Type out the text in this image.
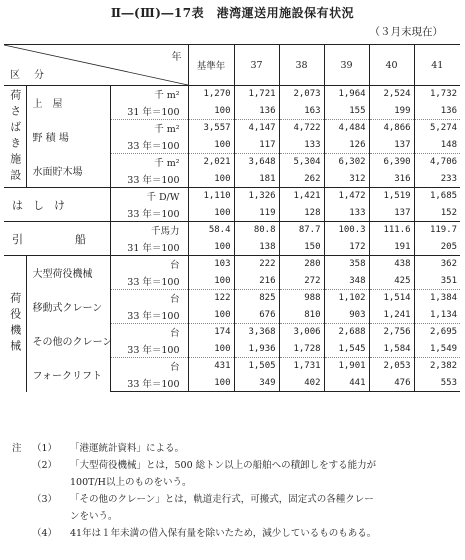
Ⅱ―(Ⅲ)―17表　港湾運送用施設保有状況
（３月末現在）
年
区分			基準年	37	38	39	40	41
荷さばき施設	上　屋	千 m²	1,270	1,721	2,073	1,964	2,524	1,732
		31 年＝100	100	136	163	155	199	136
	野 積 場	千 m²	3,557	4,147	4,722	4,484	4,866	5,274
		33 年＝100	100	117	133	126	137	148
	水面貯木場	千 m²	2,021	3,648	5,304	6,302	6,390	4,706
		33 年＝100	100	181	262	312	316	233
はしけ		千 D/W	1,110	1,326	1,421	1,472	1,519	1,685
		33 年＝100	100	119	128	133	137	152
引　　船		千馬力	58.4	80.8	87.7	100.3	111.6	119.7
		31 年＝100	100	138	150	172	191	205
荷役機械	大型荷役機械	台	103	222	280	358	438	362
		33 年＝100	100	216	272	348	425	351
	移動式クレーン	台	122	825	988	1,102	1,514	1,384
		33 年＝100	100	676	810	903	1,241	1,134
	その他のクレーン	台	174	3,368	3,006	2,688	2,756	2,695
		33 年＝100	100	1,936	1,728	1,545	1,584	1,549
	フォークリフト	台	431	1,505	1,731	1,901	2,053	2,382
		33 年＝100	100	349	402	441	476	553
注	（1）	「港運統計資料」による。
（2）	「大型荷役機械」とは，500 総トン以上の船舶への積卸しをする能力が
100T/H以上のものをいう。
（3）	「その他のクレーン」とは，軌道走行式，可搬式，固定式の各種クレー
ンをいう。
（4）	41年は１年未満の借入保有量を除いたため，減少しているものもある。
